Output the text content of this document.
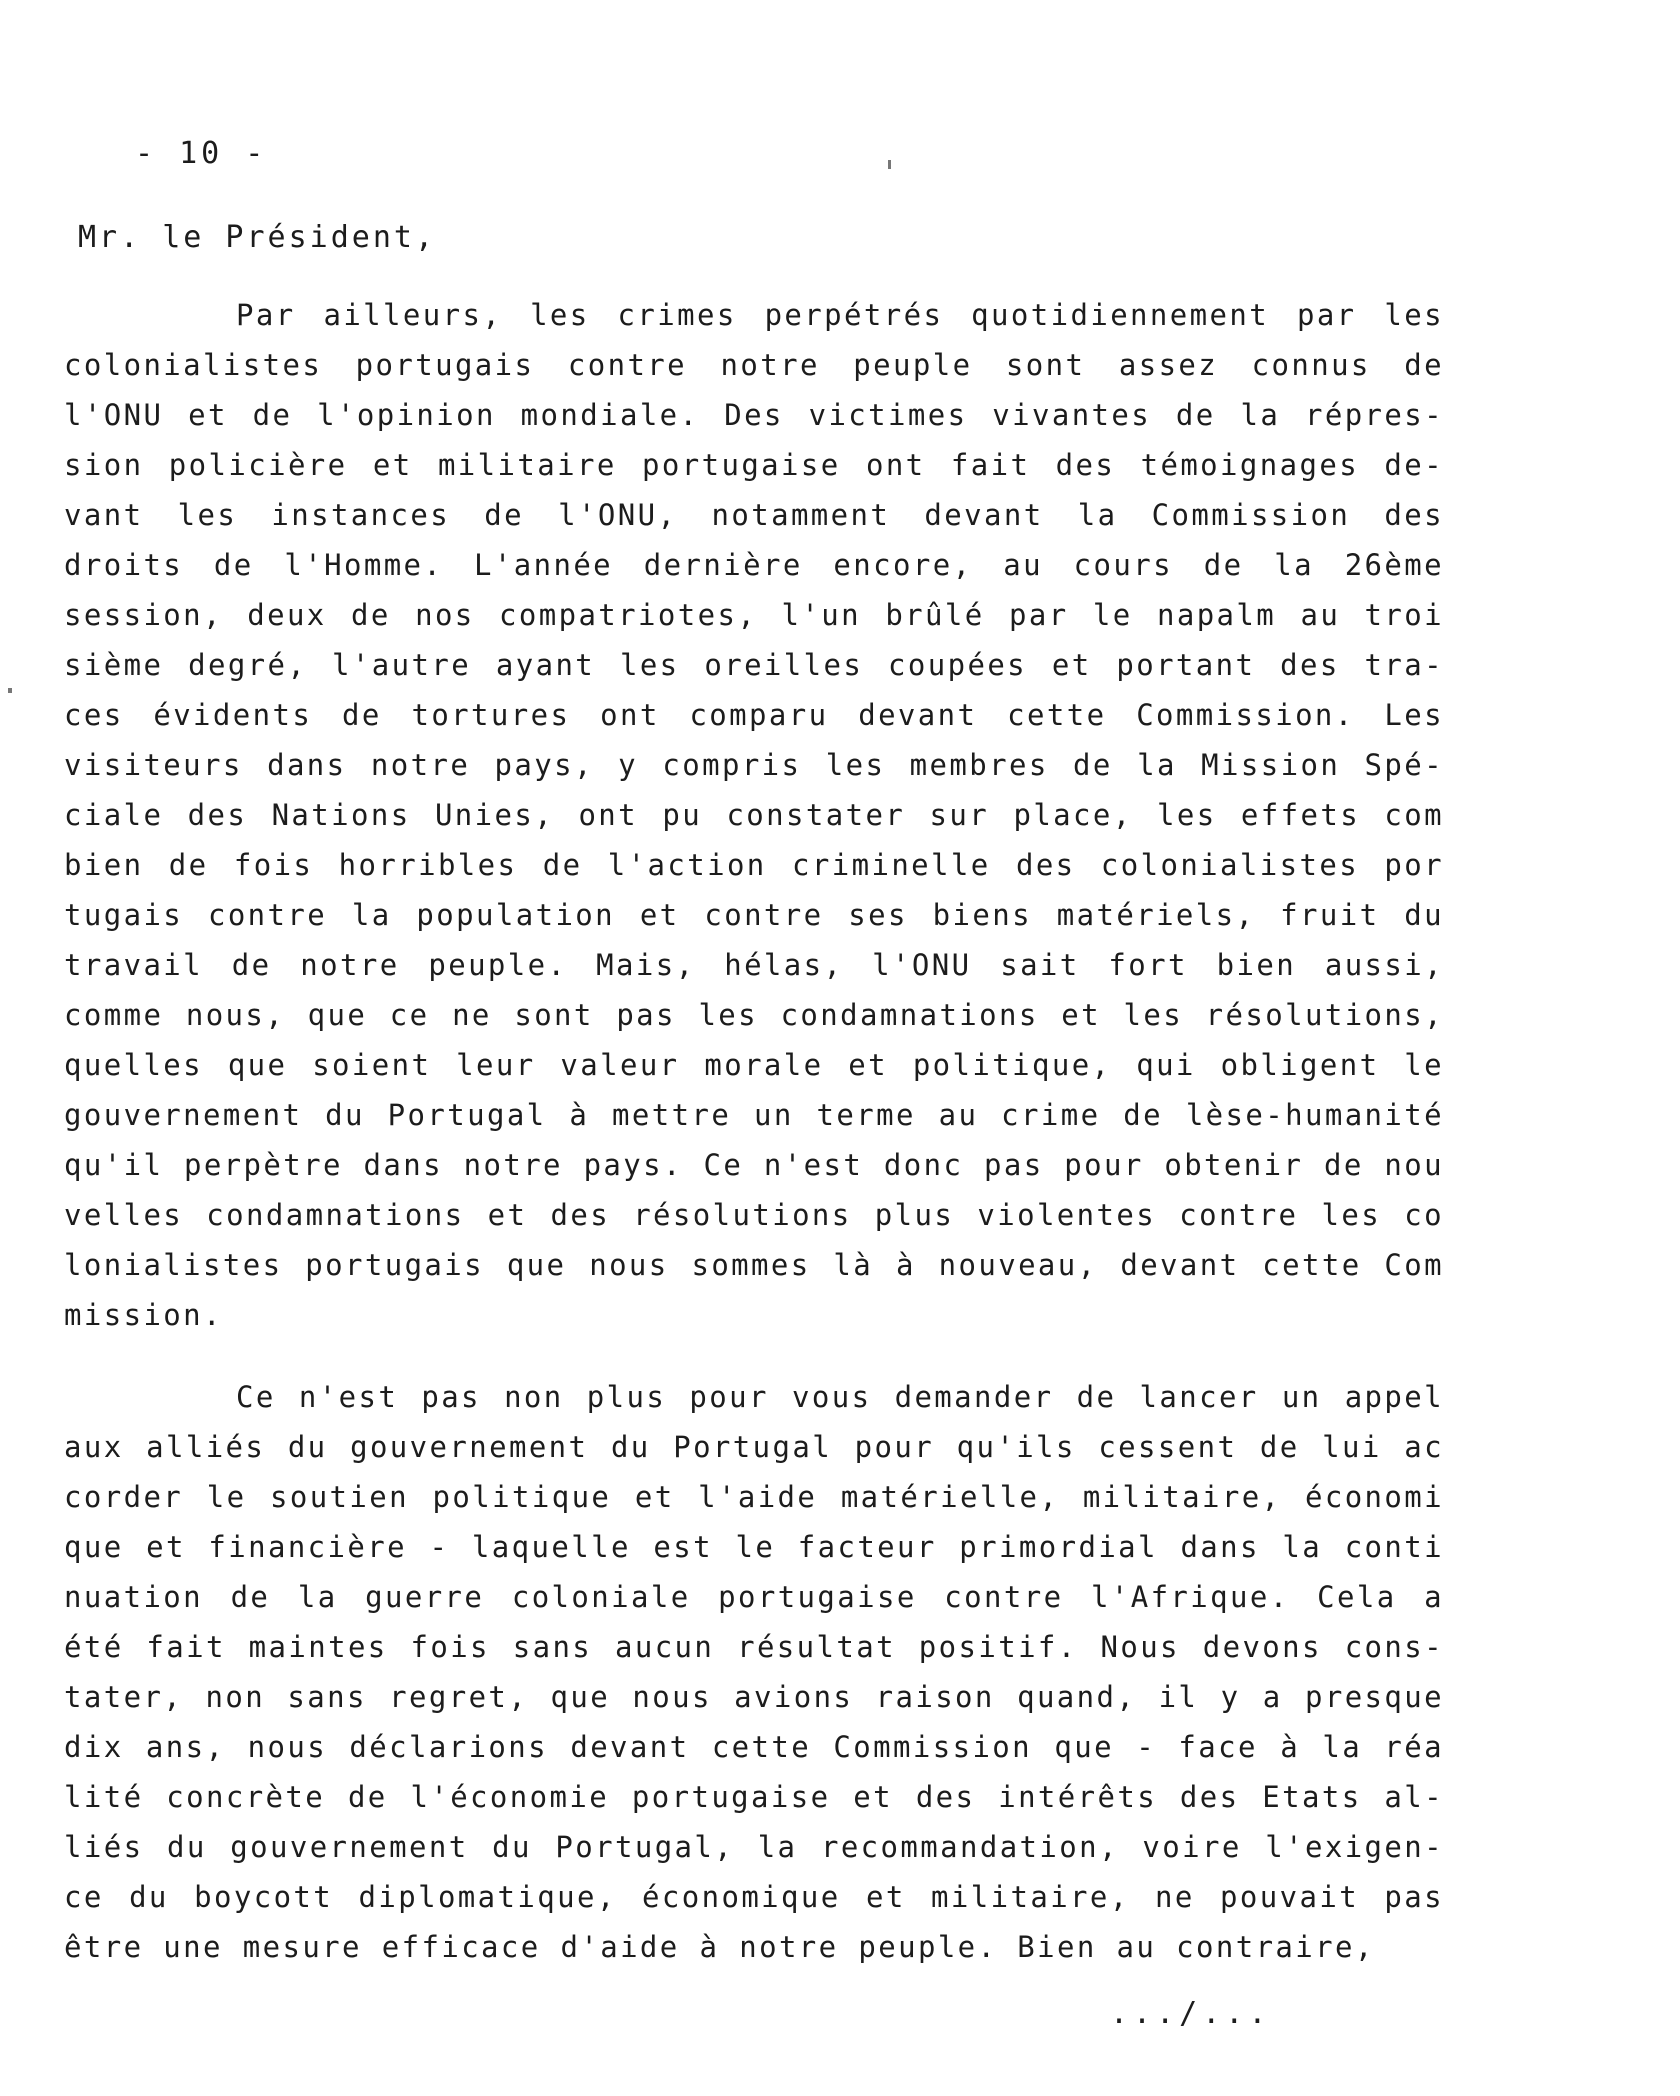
- 10 -

Mr. le Président,

Par ailleurs, les crimes perpétrés quotidiennement par les
colonialistes portugais contre notre peuple sont assez connus de
l'ONU et de l'opinion mondiale. Des victimes vivantes de la répres-
sion policière et militaire portugaise ont fait des témoignages de-
vant les instances de l'ONU, notamment devant la Commission des
droits de l'Homme. L'année dernière encore, au cours de la 26ème
session, deux de nos compatriotes, l'un brûlé par le napalm au troi
sième degré, l'autre ayant les oreilles coupées et portant des tra-
ces évidents de tortures ont comparu devant cette Commission. Les
visiteurs dans notre pays, y compris les membres de la Mission Spé-
ciale des Nations Unies, ont pu constater sur place, les effets com
bien de fois horribles de l'action criminelle des colonialistes por
tugais contre la population et contre ses biens matériels, fruit du
travail de notre peuple. Mais, hélas, l'ONU sait fort bien aussi,
comme nous, que ce ne sont pas les condamnations et les résolutions,
quelles que soient leur valeur morale et politique, qui obligent le
gouvernement du Portugal à mettre un terme au crime de lèse-humanité
qu'il perpètre dans notre pays. Ce n'est donc pas pour obtenir de nou
velles condamnations et des résolutions plus violentes contre les co
lonialistes portugais que nous sommes là à nouveau, devant cette Com
mission.
Ce n'est pas non plus pour vous demander de lancer un appel
aux alliés du gouvernement du Portugal pour qu'ils cessent de lui ac
corder le soutien politique et l'aide matérielle, militaire, économi
que et financière - laquelle est le facteur primordial dans la conti
nuation de la guerre coloniale portugaise contre l'Afrique. Cela a
été fait maintes fois sans aucun résultat positif. Nous devons cons-
tater, non sans regret, que nous avions raison quand, il y a presque
dix ans, nous déclarions devant cette Commission que - face à la réa
lité concrète de l'économie portugaise et des intérêts des Etats al-
liés du gouvernement du Portugal, la recommandation, voire l'exigen-
ce du boycott diplomatique, économique et militaire, ne pouvait pas
être une mesure efficace d'aide à notre peuple. Bien au contraire,

.../...
